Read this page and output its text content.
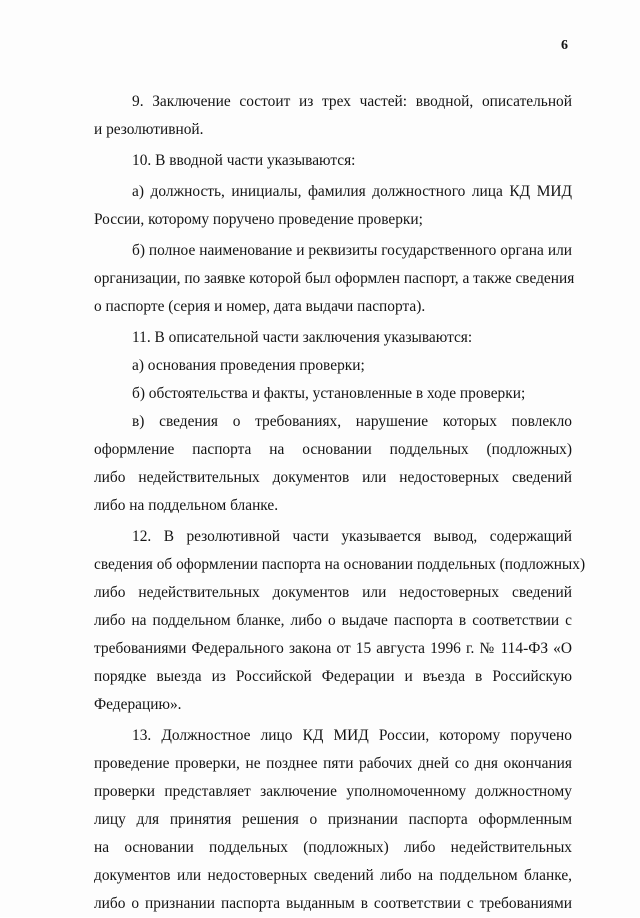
6
9. Заключение состоит из трех частей: вводной, описательной
и резолютивной.
10. В вводной части указываются:
а) должность, инициалы, фамилия должностного лица КД МИД
России, которому поручено проведение проверки;
б) полное наименование и реквизиты государственного органа или
организации, по заявке которой был оформлен паспорт, а также сведения
о паспорте (серия и номер, дата выдачи паспорта).
11. В описательной части заключения указываются:
а) основания проведения проверки;
б) обстоятельства и факты, установленные в ходе проверки;
в) сведения о требованиях, нарушение которых повлекло
оформление паспорта на основании поддельных (подложных)
либо недействительных документов или недостоверных сведений
либо на поддельном бланке.
12. В резолютивной части указывается вывод, содержащий
сведения об оформлении паспорта на основании поддельных (подложных)
либо недействительных документов или недостоверных сведений
либо на поддельном бланке, либо о выдаче паспорта в соответствии с
требованиями Федерального закона от 15 августа 1996 г. № 114-ФЗ «О
порядке выезда из Российской Федерации и въезда в Российскую
Федерацию».
13. Должностное лицо КД МИД России, которому поручено
проведение проверки, не позднее пяти рабочих дней со дня окончания
проверки представляет заключение уполномоченному должностному
лицу для принятия решения о признании паспорта оформленным
на основании поддельных (подложных) либо недействительных
документов или недостоверных сведений либо на поддельном бланке,
либо о признании паспорта выданным в соответствии с требованиями
